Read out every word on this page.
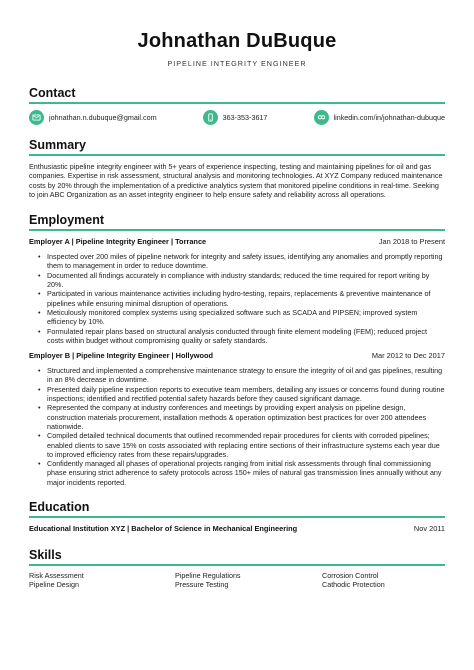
Johnathan DuBuque
PIPELINE INTEGRITY ENGINEER
Contact
johnathan.n.dubuque@gmail.com	363-353-3617	linkedin.com/in/johnathan-dubuque
Summary

Enthusiastic pipeline integrity engineer with 5+ years of experience inspecting, testing and maintaining pipelines for oil and gas companies. Expertise in risk assessment, structural analysis and monitoring technologies. At XYZ Company reduced maintenance costs by 20% through the implementation of a predictive analytics system that monitored pipeline conditions in real-time. Seeking to join ABC Organization as an asset integrity engineer to help ensure safety and reliability across all operations.

Employment
Employer A | Pipeline Integrity Engineer | Torrance	Jan 2018 to Present
• Inspected over 200 miles of pipeline network for integrity and safety issues, identifying any anomalies and promptly reporting them to management in order to reduce downtime.
• Documented all findings accurately in compliance with industry standards; reduced the time required for report writing by 20%.
• Participated in various maintenance activities including hydro-testing, repairs, replacements & preventive maintenance of pipelines while ensuring minimal disruption of operations.
• Meticulously monitored complex systems using specialized software such as SCADA and PIPSEN; improved system efficiency by 10%.
• Formulated repair plans based on structural analysis conducted through finite element modeling (FEM); reduced project costs within budget without compromising quality or safety standards.
Employer B | Pipeline Integrity Engineer | Hollywood	Mar 2012 to Dec 2017
• Structured and implemented a comprehensive maintenance strategy to ensure the integrity of oil and gas pipelines, resulting in an 8% decrease in downtime.
• Presented daily pipeline inspection reports to executive team members, detailing any issues or concerns found during routine inspections; identified and rectified potential safety hazards before they caused significant damage.
• Represented the company at industry conferences and meetings by providing expert analysis on pipeline design, construction materials procurement, installation methods & operation optimization best practices for over 200 attendees nationwide.
• Compiled detailed technical documents that outlined recommended repair procedures for clients with corroded pipelines; enabled clients to save 15% on costs associated with replacing entire sections of their infrastructure systems each year due to improved efficiency rates from these repairs/upgrades.
• Confidently managed all phases of operational projects ranging from initial risk assessments through final commissioning phase ensuring strict adherence to safety protocols across 150+ miles of natural gas transmission lines annually without any major incidents reported.
Education
Educational Institution XYZ | Bachelor of Science in Mechanical Engineering	Nov 2011
Skills
Risk Assessment	Pipeline Regulations	Corrosion Control
Pipeline Design	Pressure Testing	Cathodic Protection
